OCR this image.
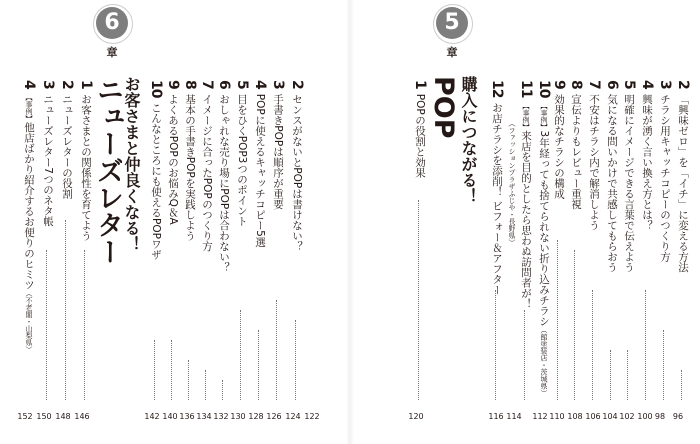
6
章
お客さまと仲良くなる！
ニューズレター
1お客さまとの関係性を育てよう
2ニューズレターの役割
3ニューズレター7つのネタ帳
4【事例】他店ばかり紹介するお便りのヒミツ（不老閣・山梨県）
2センスがないとPOPは書けない？
3手書きPOPは順序が重要
4POPに使えるキャッチコピー5選
5目をひくPOP3つのポイント
6おしゃれな売り場にPOPは合わない？
7イメージに合ったPOPのつくり方
8基本の手書きPOPを実践しよう
9よくあるPOPのお悩みQ＆A
10こんなところにも使えるPOPワザ
152 150 148 146	142 140 136 134 132 130 128 126 124 122
5
章
購入につながる！
POP
1POPの役割と効果
12お店チラシを添削！ ビフォー＆アフター
11【事例】来店を目的としたら思わぬ訪問者が！
（ファッションプラザふじや・長野県）
10【事例】3年経っても捨てられない折り込みチラシ（館塗装店・茨城県）
9効果的なチラシの構成
8宣伝よりもレビュー重視
7不安はチラシ内で解消しよう
6気になる問いかけで共感してもらおう
5明確にイメージできる言葉で伝えよう
4興味が湧く言い換え方とは？
3チラシ用キャッチコピーのつくり方
2「興味ゼロ」を「イチ」に変える方法
120	116 114 112 110 108 106 104 102 100 98 96
